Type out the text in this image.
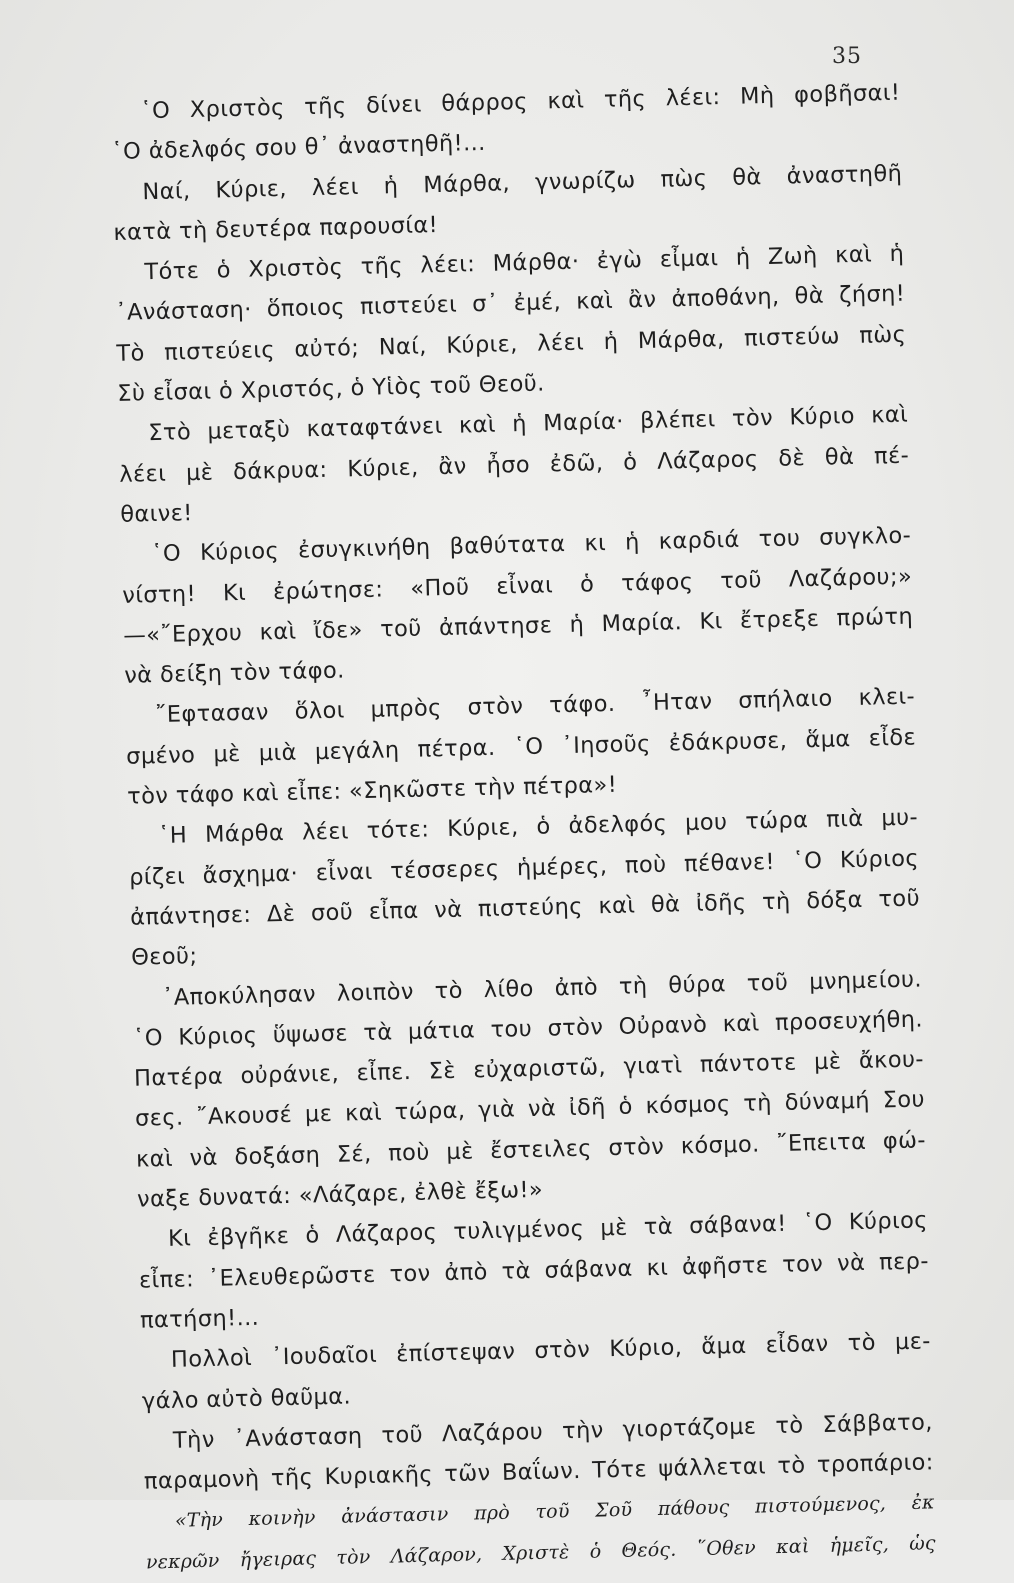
35
῾Ο Χριστὸς τῆς δίνει θάρρος καὶ τῆς λέει: Μὴ φοβῆσαι!
῾Ο ἀδελφός σου θ᾽ ἀναστηθῆ!...
Ναί, Κύριε, λέει ἡ Μάρθα, γνωρίζω πὼς θὰ ἀναστηθῆ
κατὰ τὴ δευτέρα παρουσία!
Τότε ὁ Χριστὸς τῆς λέει: Μάρθα· ἐγὼ εἶμαι ἡ Ζωὴ καὶ ἡ
᾽Ανάσταση· ὅποιος πιστεύει σ᾽ ἐμέ, καὶ ἂν ἀποθάνη, θὰ ζήση!
Τὸ πιστεύεις αὐτό; Ναί, Κύριε, λέει ἡ Μάρθα, πιστεύω πὼς
Σὺ εἶσαι ὁ Χριστός, ὁ Υἱὸς τοῦ Θεοῦ.
Στὸ μεταξὺ καταφτάνει καὶ ἡ Μαρία· βλέπει τὸν Κύριο καὶ
λέει μὲ δάκρυα: Κύριε, ἂν ἦσο ἐδῶ, ὁ Λάζαρος δὲ θὰ πέ-
θαινε!
῾Ο Κύριος ἐσυγκινήθη βαθύτατα κι ἡ καρδιά του συγκλο-
νίστη! Κι ἐρώτησε: «Ποῦ εἶναι ὁ τάφος τοῦ Λαζάρου;»
—«῎Ερχου καὶ ἴδε» τοῦ ἀπάντησε ἡ Μαρία. Κι ἔτρεξε πρώτη
νὰ δείξη τὸν τάφο.
῎Εφτασαν ὅλοι μπρὸς στὸν τάφο. ῏Ηταν σπήλαιο κλει-
σμένο μὲ μιὰ μεγάλη πέτρα. ῾Ο ᾽Ιησοῦς ἐδάκρυσε, ἅμα εἶδε
τὸν τάφο καὶ εἶπε: «Σηκῶστε τὴν πέτρα»!
῾Η Μάρθα λέει τότε: Κύριε, ὁ ἀδελφός μου τώρα πιὰ μυ-
ρίζει ἄσχημα· εἶναι τέσσερες ἡμέρες, ποὺ πέθανε! ῾Ο Κύριος
ἀπάντησε: Δὲ σοῦ εἶπα νὰ πιστεύης καὶ θὰ ἰδῆς τὴ δόξα τοῦ
Θεοῦ;
᾽Αποκύλησαν λοιπὸν τὸ λίθο ἀπὸ τὴ θύρα τοῦ μνημείου.
῾Ο Κύριος ὕψωσε τὰ μάτια του στὸν Οὐρανὸ καὶ προσευχήθη.
Πατέρα οὐράνιε, εἶπε. Σὲ εὐχαριστῶ, γιατὶ πάντοτε μὲ ἄκου-
σες. ῎Ακουσέ με καὶ τώρα, γιὰ νὰ ἰδῆ ὁ κόσμος τὴ δύναμή Σου
καὶ νὰ δοξάση Σέ, ποὺ μὲ ἔστειλες στὸν κόσμο. ῎Επειτα φώ-
ναξε δυνατά: «Λάζαρε, ἐλθὲ ἔξω!»
Κι ἐβγῆκε ὁ Λάζαρος τυλιγμένος μὲ τὰ σάβανα! ῾Ο Κύριος
εἶπε: ᾽Ελευθερῶστε τον ἀπὸ τὰ σάβανα κι ἀφῆστε τον νὰ περ-
πατήση!...
Πολλοὶ ᾽Ιουδαῖοι ἐπίστεψαν στὸν Κύριο, ἅμα εἶδαν τὸ με-
γάλο αὐτὸ θαῦμα.
Τὴν ᾽Ανάσταση τοῦ Λαζάρου τὴν γιορτάζομε τὸ Σάββατο,
παραμονὴ τῆς Κυριακῆς τῶν Βαΐων. Τότε ψάλλεται τὸ τροπάριο:
«Τὴν κοινὴν ἀνάστασιν πρὸ τοῦ Σοῦ πάθους πιστούμενος, ἐκ
νεκρῶν ἤγειρας τὸν Λάζαρον, Χριστὲ ὁ Θεός. ῞Οθεν καὶ ἡμεῖς, ὡς
